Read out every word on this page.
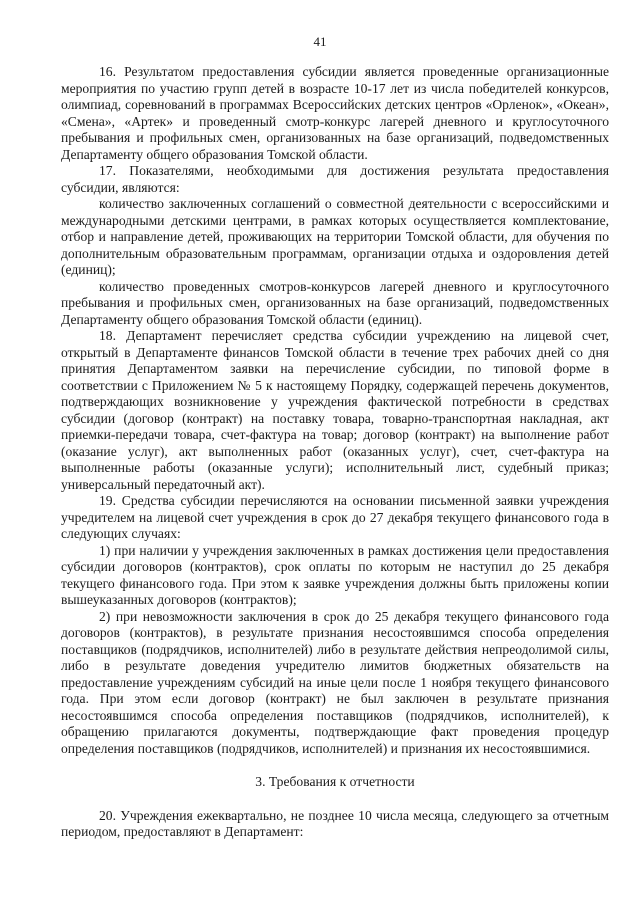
41

16. Результатом предоставления субсидии является проведенные организационные мероприятия по участию групп детей в возрасте 10-17 лет из числа победителей конкурсов, олимпиад, соревнований в программах Всероссийских детских центров «Орленок», «Океан», «Смена», «Артек» и проведенный смотр-конкурс лагерей дневного и круглосуточного пребывания и профильных смен, организованных на базе организаций, подведомственных Департаменту общего образования Томской области.

17. Показателями, необходимыми для достижения результата предоставления субсидии, являются:

количество заключенных соглашений о совместной деятельности с всероссийскими и международными детскими центрами, в рамках которых осуществляется комплектование, отбор и направление детей, проживающих на территории Томской области, для обучения по дополнительным образовательным программам, организации отдыха и оздоровления детей (единиц);

количество проведенных смотров-конкурсов лагерей дневного и круглосуточного пребывания и профильных смен, организованных на базе организаций, подведомственных Департаменту общего образования Томской области (единиц).

18. Департамент перечисляет средства субсидии учреждению на лицевой счет, открытый в Департаменте финансов Томской области в течение трех рабочих дней со дня принятия Департаментом заявки на перечисление субсидии, по типовой форме в соответствии с Приложением № 5 к настоящему Порядку, содержащей перечень документов, подтверждающих возникновение у учреждения фактической потребности в средствах субсидии (договор (контракт) на поставку товара, товарно-транспортная накладная, акт приемки-передачи товара, счет-фактура на товар; договор (контракт) на выполнение работ (оказание услуг), акт выполненных работ (оказанных услуг), счет, счет-фактура на выполненные работы (оказанные услуги); исполнительный лист, судебный приказ; универсальный передаточный акт).

19. Средства субсидии перечисляются на основании письменной заявки учреждения учредителем на лицевой счет учреждения в срок до 27 декабря текущего финансового года в следующих случаях:

1) при наличии у учреждения заключенных в рамках достижения цели предоставления субсидии договоров (контрактов), срок оплаты по которым не наступил до 25 декабря текущего финансового года. При этом к заявке учреждения должны быть приложены копии вышеуказанных договоров (контрактов);

2) при невозможности заключения в срок до 25 декабря текущего финансового года договоров (контрактов), в результате признания несостоявшимся способа определения поставщиков (подрядчиков, исполнителей) либо в результате действия непреодолимой силы, либо в результате доведения учредителю лимитов бюджетных обязательств на предоставление учреждениям субсидий на иные цели после 1 ноября текущего финансового года. При этом если договор (контракт) не был заключен в результате признания несостоявшимся способа определения поставщиков (подрядчиков, исполнителей), к обращению прилагаются документы, подтверждающие факт проведения процедур определения поставщиков (подрядчиков, исполнителей) и признания их несостоявшимися.

3. Требования к отчетности

20. Учреждения ежеквартально, не позднее 10 числа месяца, следующего за отчетным периодом, предоставляют в Департамент:
